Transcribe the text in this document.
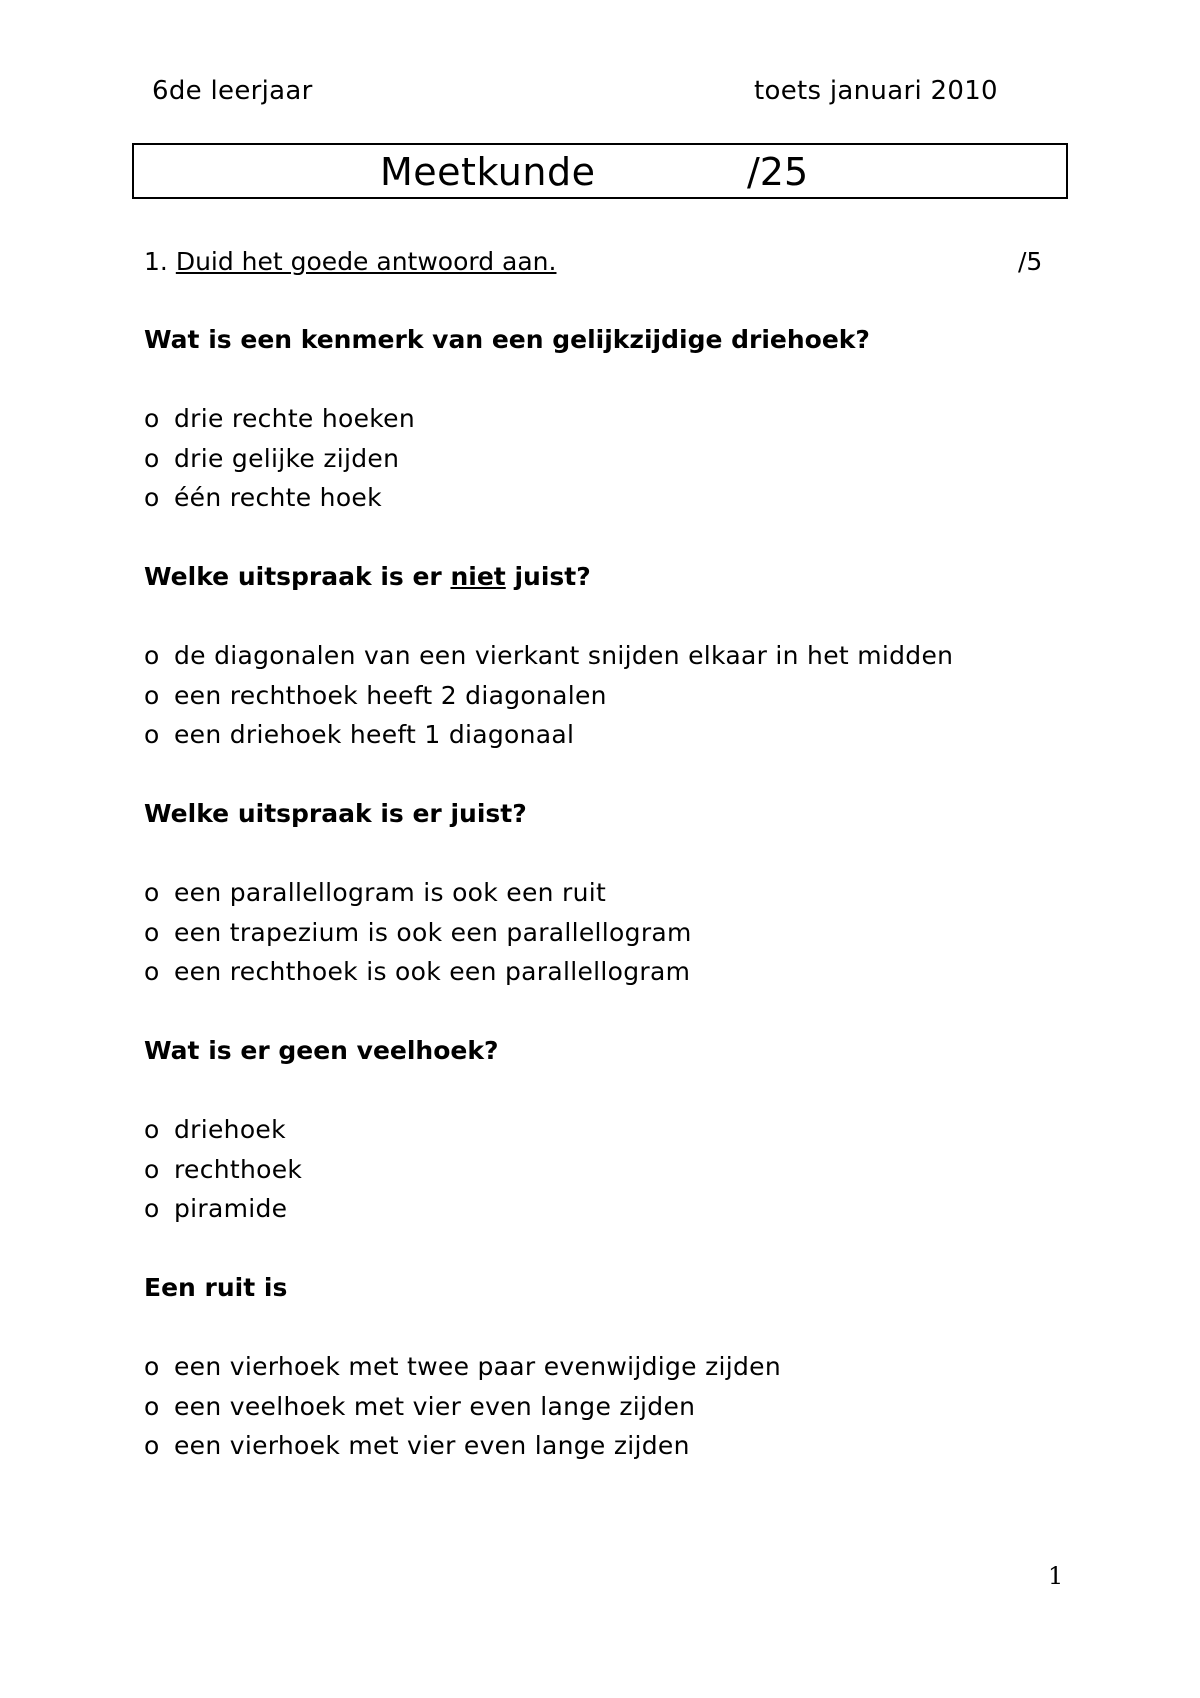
6de leerjaar	toets januari 2010
Meetkunde	/25
1. Duid het goede antwoord aan.	/5
Wat is een kenmerk van een gelijkzijdige driehoek?
o drie rechte hoeken
o drie gelijke zijden
o één rechte hoek
Welke uitspraak is er niet juist?
o de diagonalen van een vierkant snijden elkaar in het midden
o een rechthoek heeft 2 diagonalen
o een driehoek heeft 1 diagonaal
Welke uitspraak is er juist?
o een parallellogram is ook een ruit
o een trapezium is ook een parallellogram
o een rechthoek is ook een parallellogram
Wat is er geen veelhoek?
o driehoek
o rechthoek
o piramide
Een ruit is
o een vierhoek met twee paar evenwijdige zijden
o een veelhoek met vier even lange zijden
o een vierhoek met vier even lange zijden
1
